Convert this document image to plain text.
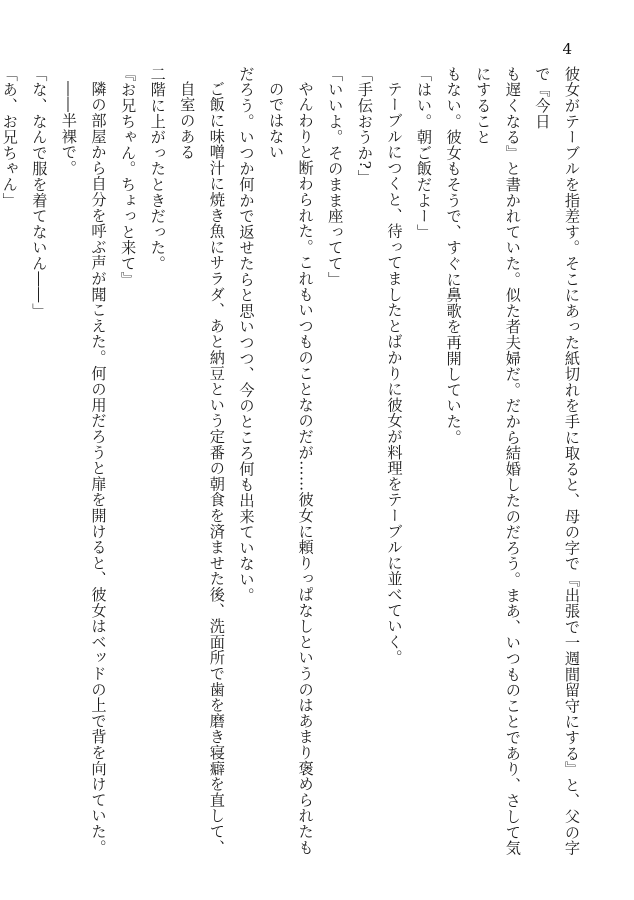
4

彼女がテーブルを指差す。そこにあった紙切れを手に取ると、母の字で『出張で一週間留守にする』と、父の字で『今日

も遅くなる』と書かれていた。似た者夫婦だ。だから結婚したのだろう。まあ、いつものことであり、さして気にすること

もない。彼女もそうで、すぐに鼻歌を再開していた。

「はい。朝ご飯だよー」

テーブルにつくと、待ってましたとばかりに彼女が料理をテーブルに並べていく。

「手伝おうか?」

「いいよ。そのまま座ってて」

やんわりと断わられた。これもいつものことなのだが……彼女に頼りっぱなしというのはあまり褒められたものではない

だろう。いつか何かで返せたらと思いつつ、今のところ何も出来ていない。

ご飯に味噌汁に焼き魚にサラダ、あと納豆という定番の朝食を済ませた後、洗面所で歯を磨き寝癖を直して、自室のある

二階に上がったときだった。

『お兄ちゃん。ちょっと来て』

隣の部屋から自分を呼ぶ声が聞こえた。何の用だろうと扉を開けると、彼女はベッドの上で背を向けていた。――半裸で。

「な、なんで服を着てないん――」

「あ、お兄ちゃん」
